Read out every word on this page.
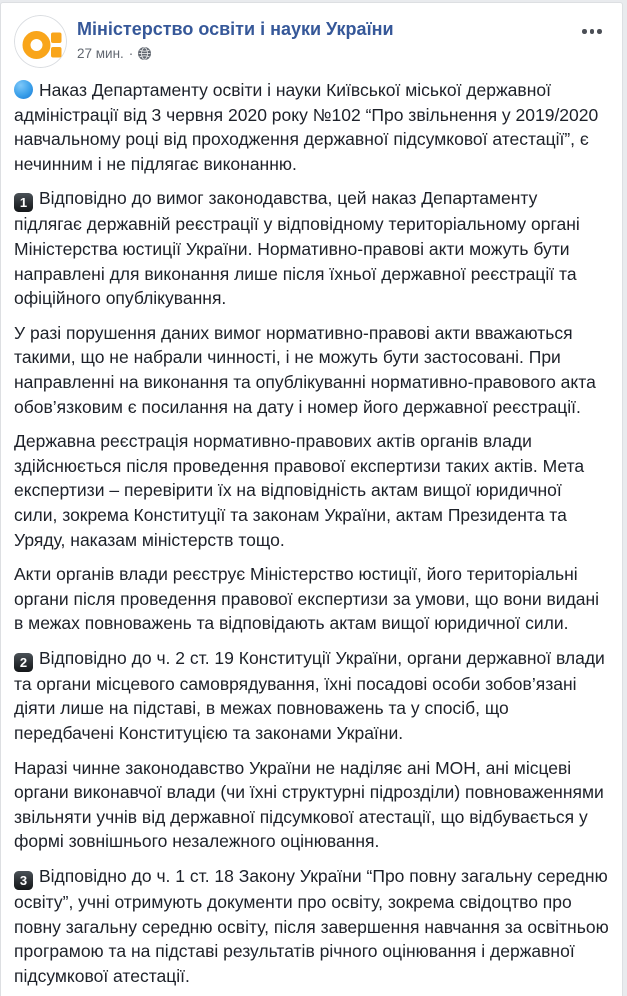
Міністерство освіти і науки України
27 мин. ·

Наказ Департаменту освіти і науки Київської міської державної адміністрації від 3 червня 2020 року №102 “Про звільнення у 2019/2020 навчальному році від проходження державної підсумкової атестації”, є нечинним і не підлягає виконанню.

1 Відповідно до вимог законодавства, цей наказ Департаменту підлягає державній реєстрації у відповідному територіальному органі Міністерства юстиції України. Нормативно-правові акти можуть бути направлені для виконання лише після їхньої державної реєстрації та офіційного опублікування.

У разі порушення даних вимог нормативно-правові акти вважаються такими, що не набрали чинності, і не можуть бути застосовані. При направленні на виконання та опублікуванні нормативно-правового акта обов’язковим є посилання на дату і номер його державної реєстрації.

Державна реєстрація нормативно-правових актів органів влади здійснюється після проведення правової експертизи таких актів. Мета експертизи – перевірити їх на відповідність актам вищої юридичної сили, зокрема Конституції та законам України, актам Президента та Уряду, наказам міністерств тощо.

Акти органів влади реєструє Міністерство юстиції, його територіальні органи після проведення правової експертизи за умови, що вони видані в межах повноважень та відповідають актам вищої юридичної сили.

2 Відповідно до ч. 2 ст. 19 Конституції України, органи державної влади та органи місцевого самоврядування, їхні посадові особи зобов’язані діяти лише на підставі, в межах повноважень та у спосіб, що передбачені Конституцією та законами України.

Наразі чинне законодавство України не наділяє ані МОН, ані місцеві органи виконавчої влади (чи їхні структурні підрозділи) повноваженнями звільняти учнів від державної підсумкової атестації, що відбувається у формі зовнішнього незалежного оцінювання.

3 Відповідно до ч. 1 ст. 18 Закону України “Про повну загальну середню освіту”, учні отримують документи про освіту, зокрема свідоцтво про повну загальну середню освіту, після завершення навчання за освітньою програмою та на підставі результатів річного оцінювання і державної підсумкової атестації.
